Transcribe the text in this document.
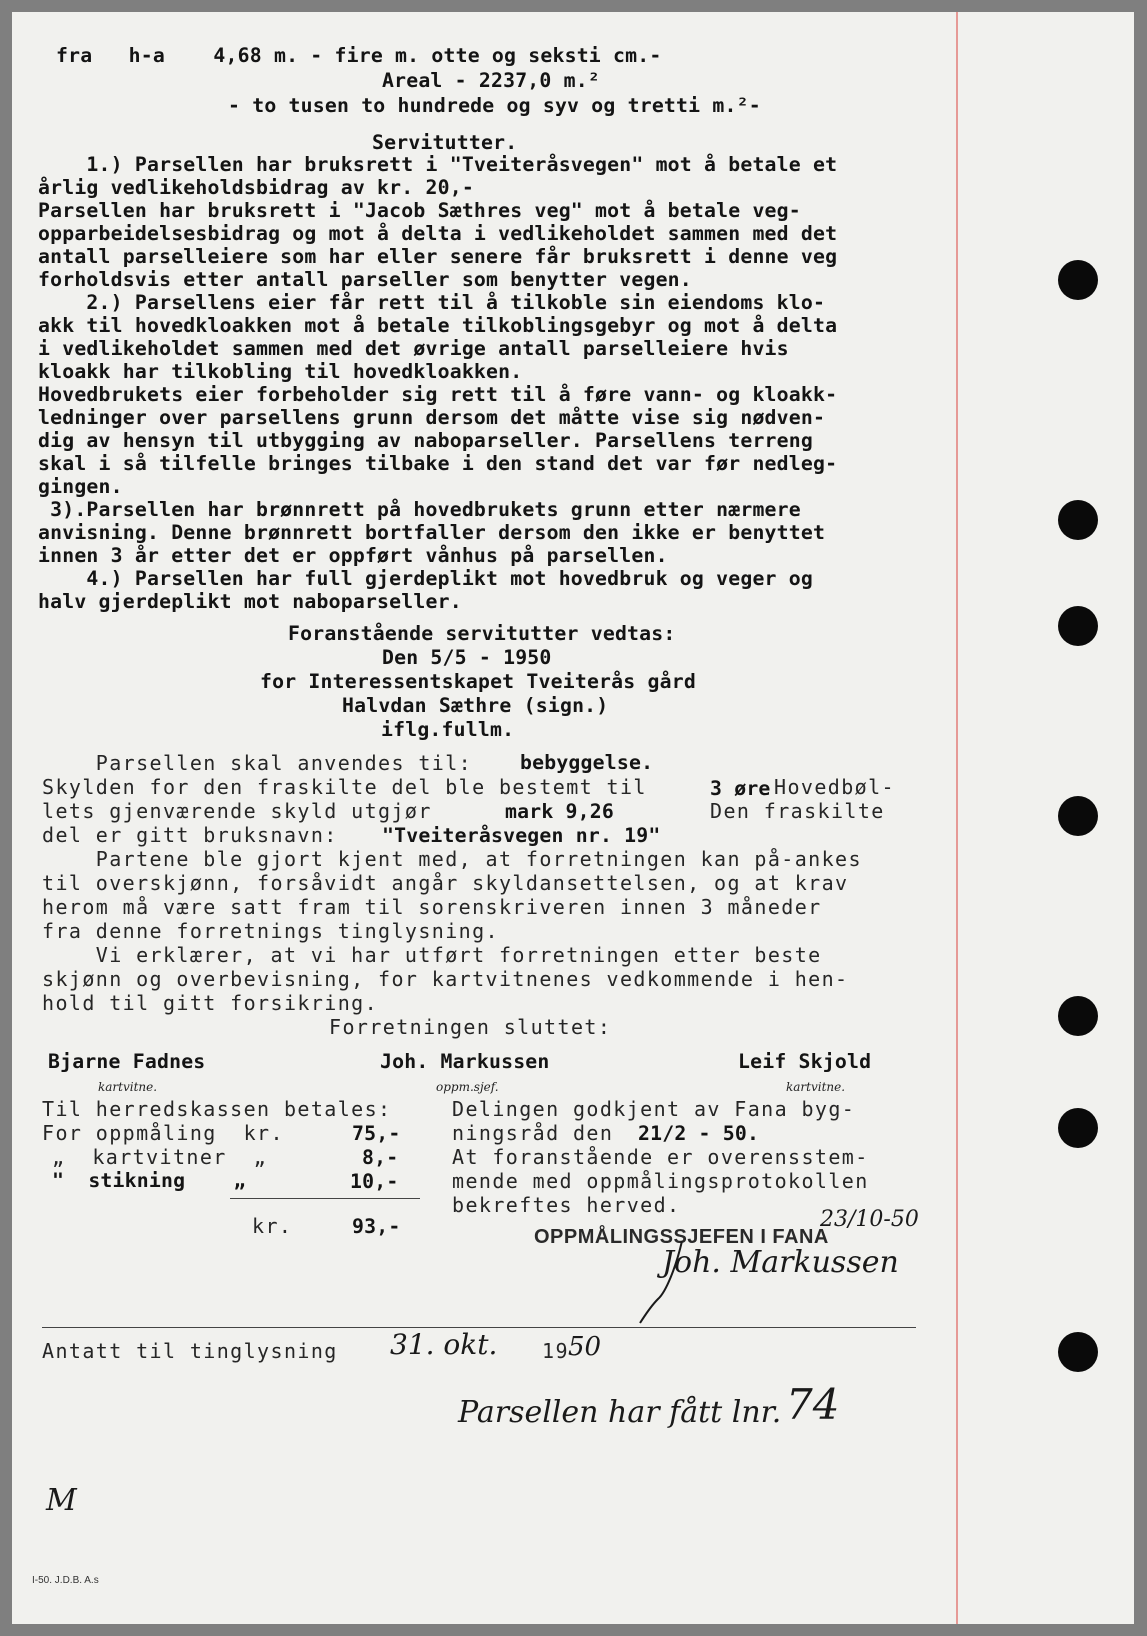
fra   h-a    4,68 m. - fire m. otte og seksti cm.-

Areal - 2237,0 m.²

- to tusen to hundrede og syv og tretti m.²-

Servitutter.

1.) Parsellen har bruksrett i "Tveiteråsvegen" mot å betale et

årlig vedlikeholdsbidrag av kr. 20,-

Parsellen har bruksrett i "Jacob Sæthres veg" mot å betale veg-

opparbeidelsesbidrag og mot å delta i vedlikeholdet sammen med det

antall parselleiere som har eller senere får bruksrett i denne veg

forholdsvis etter antall parseller som benytter vegen.

2.) Parsellens eier får rett til å tilkoble sin eiendoms klo-

akk til hovedkloakken mot å betale tilkoblingsgebyr og mot å delta

i vedlikeholdet sammen med det øvrige antall parselleiere hvis

kloakk har tilkobling til hovedkloakken.

Hovedbrukets eier forbeholder sig rett til å føre vann- og kloakk-

ledninger over parsellens grunn dersom det måtte vise sig nødven-

dig av hensyn til utbygging av naboparseller. Parsellens terreng

skal i så tilfelle bringes tilbake i den stand det var før nedleg-

gingen.

3).Parsellen har brønnrett på hovedbrukets grunn etter nærmere

anvisning. Denne brønnrett bortfaller dersom den ikke er benyttet

innen 3 år etter det er oppført vånhus på parsellen.

4.) Parsellen har full gjerdeplikt mot hovedbruk og veger og

halv gjerdeplikt mot naboparseller.

Foranstående servitutter vedtas:

Den 5/5 - 1950

for Interessentskapet Tveiterås gård

Halvdan Sæthre (sign.)

iflg.fullm.

Parsellen skal anvendes til: bebyggelse.

Skylden for den fraskilte del ble bestemt til	3 øre Hovedbøl-

lets gjenværende skyld utgjør	mark 9,26	Den fraskilte

del er gitt bruksnavn: "Tveiteråsvegen nr. 19"

Partene ble gjort kjent med, at forretningen kan på-ankes

til overskjønn, forsåvidt angår skyldansettelsen, og at krav

herom må være satt fram til sorenskriveren innen 3 måneder

fra denne forretnings tinglysning.

Vi erklærer, at vi har utført forretningen etter beste

skjønn og overbevisning, for kartvitnenes vedkommende i hen-

hold til gitt forsikring.

Forretningen sluttet:

Bjarne Fadnes

kartvitne.

Joh. Markussen

oppm.sjef.

Leif Skjold

kartvitne.

Til herredskassen betales:

For oppmåling  kr.	75,-

„  kartvitner  „	8,-

"  stikning    „	10,-

kr.	93,-

Delingen godkjent av Fana byg-

ningsråd den 21/2 - 50.

At foranstående er overensstem-

mende med oppmålingsprotokollen

bekreftes herved.

OPPMÅLINGSSJEFEN I FANA

23/10-50

Joh. Markussen

Antatt til tinglysning 31. okt. 19 50

Parsellen har fått lnr. 74

M

I-50. J.D.B. A.s
